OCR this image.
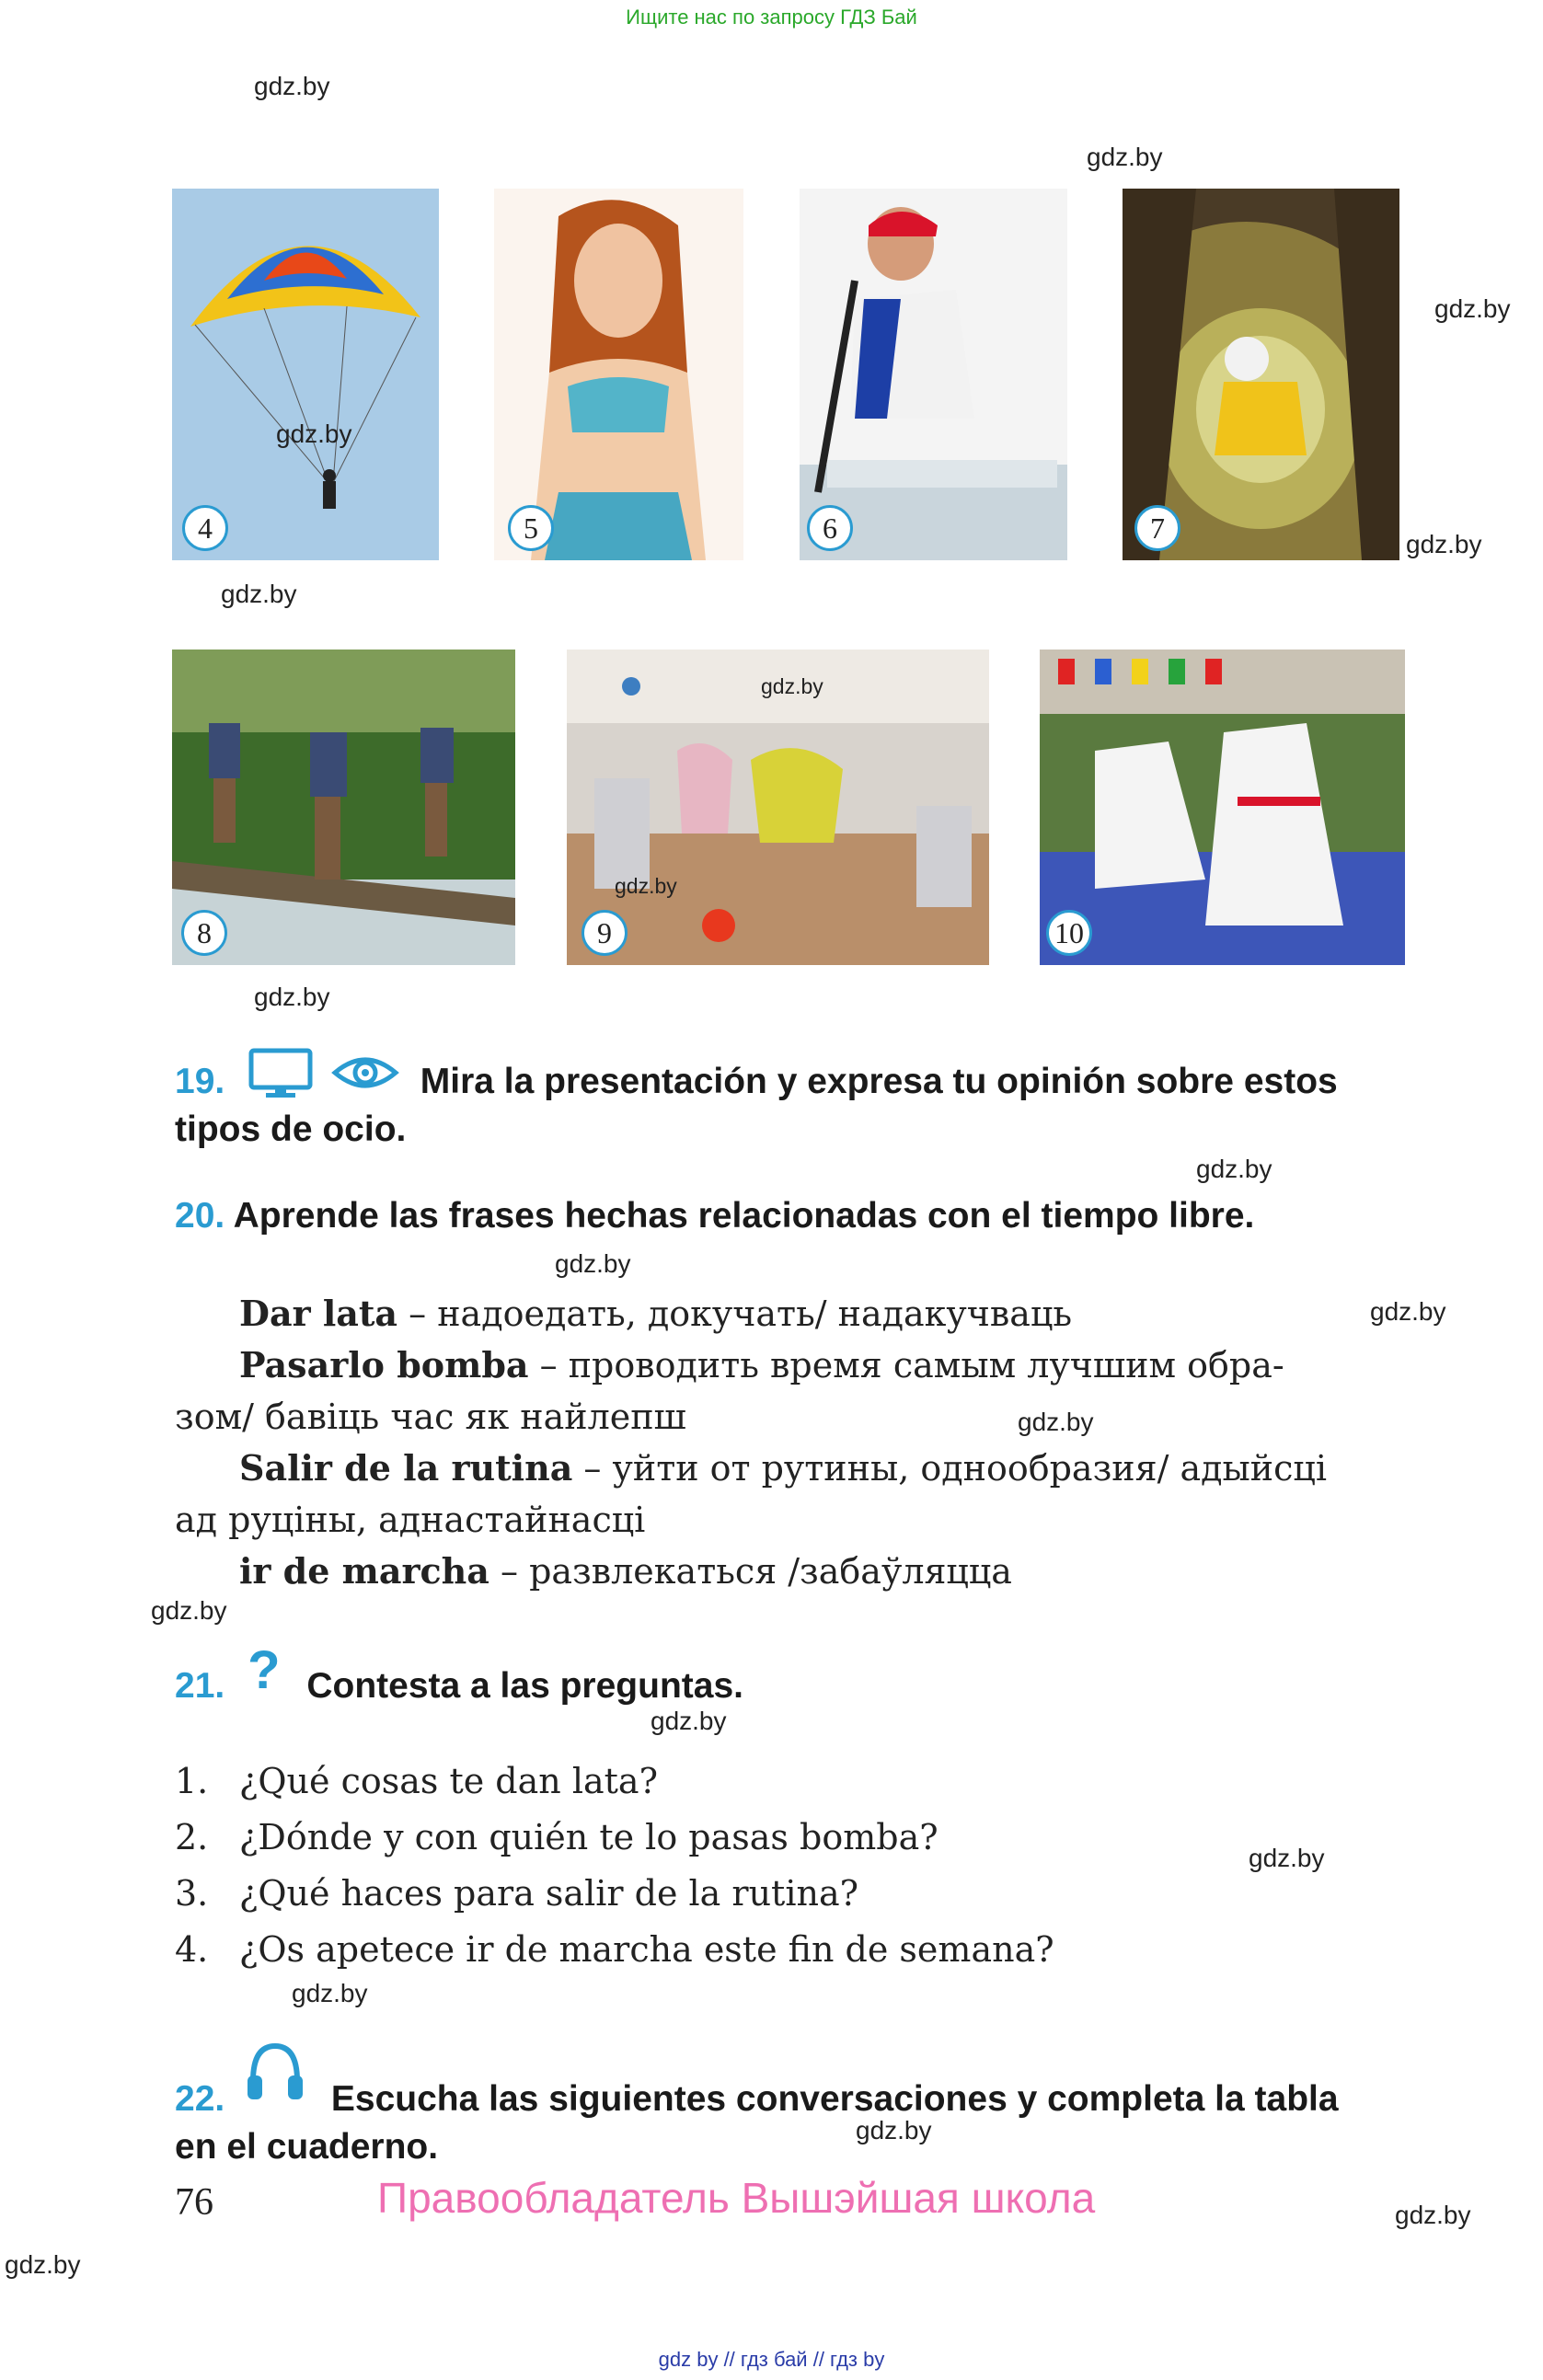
Ищите нас по запросу ГДЗ Бай
gdz.by
gdz.by
gdz.by
gdz.by
gdz.by
gdz.by
gdz.by
gdz.by
gdz.by
gdz.by
gdz.by
gdz.by
gdz.by
gdz.by
gdz.by
gdz.by
gdz.by
gdz.by
4	5	6	7
8
gdz.by
gdz.by
9	10
19.	Mira la presentación y expresa tu opinión sobre estos
tipos de ocio.
20. Aprende las frases hechas relacionadas con el tiempo libre.
Dar lata – надоедать, докучать/ надакучваць
Pasarlo bomba – проводить время самым лучшим обра-
зом/ бавіць час як найлепш
Salir de la rutina – уйти от рутины, однообразия/ адыйсці
ад руціны, аднастайнасці
ir de marcha – развлекаться /забаўляцца
21. ? Contesta a las preguntas.
1. ¿Qué cosas te dan lata?
2. ¿Dónde y con quién te lo pasas bomba?
3. ¿Qué haces para salir de la rutina?
4. ¿Os apetece ir de marcha este fin de semana?
22.	Escucha las siguientes conversaciones y completa la tabla
en el cuaderno.
76	Правообладатель Вышэйшая школа
gdz by // гдз бай // гдз by
